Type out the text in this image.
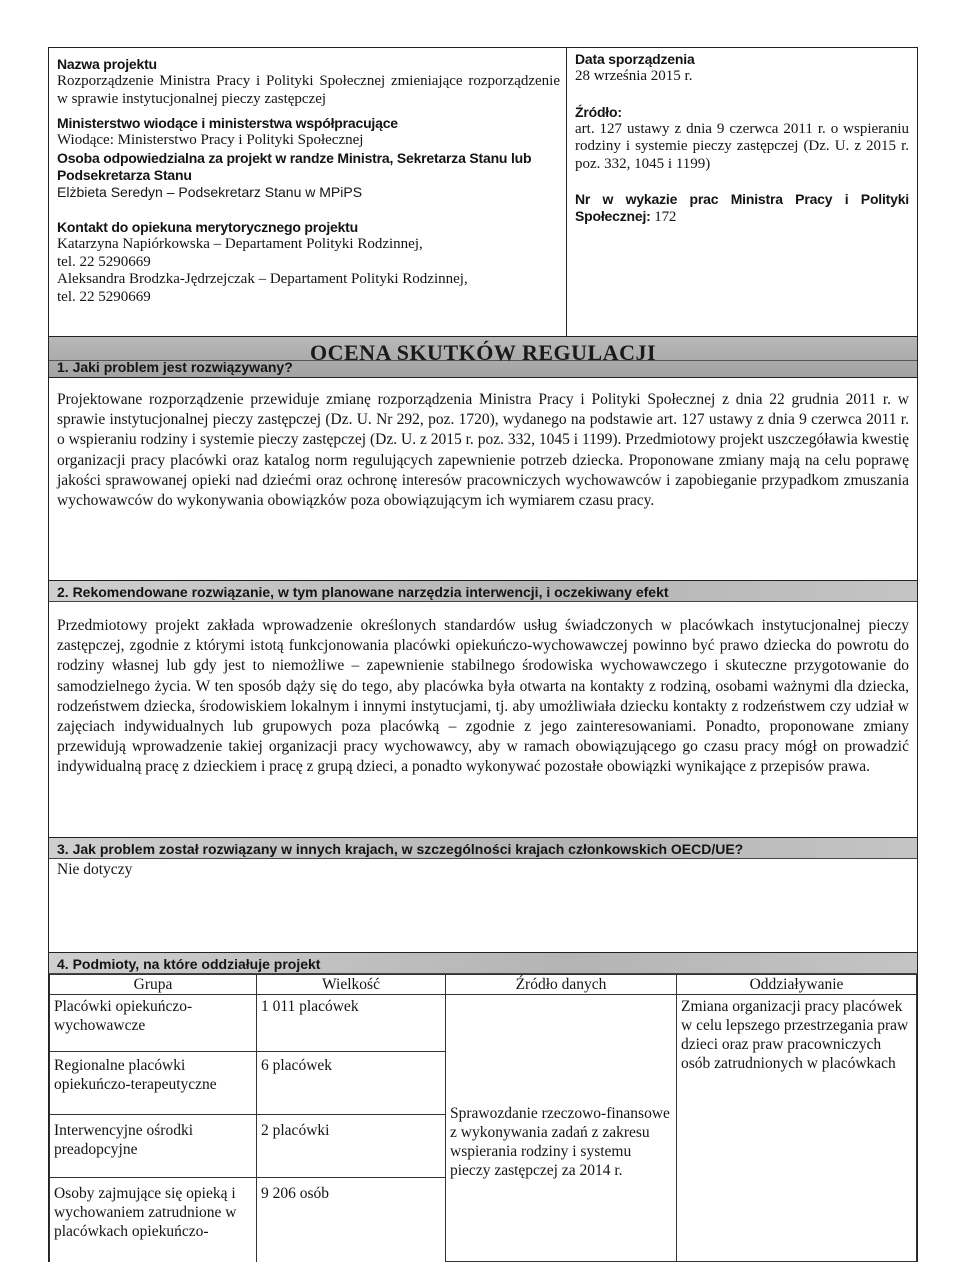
Nazwa projektu
Rozporządzenie Ministra Pracy i Polityki Społecznej zmieniające rozporządzenie w sprawie instytucjonalnej pieczy zastępczej
Ministerstwo wiodące i ministerstwa współpracujące
Wiodące: Ministerstwo Pracy i Polityki Społecznej
Osoba odpowiedzialna za projekt w randze Ministra, Sekretarza Stanu lub Podsekretarza Stanu
Elżbieta Seredyn – Podsekretarz Stanu w MPiPS
Kontakt do opiekuna merytorycznego projektu
Katarzyna Napiórkowska – Departament Polityki Rodzinnej,
tel. 22 5290669
Aleksandra Brodzka-Jędrzejczak – Departament Polityki Rodzinnej,
tel. 22 5290669
Data sporządzenia
28 września 2015 r.
Źródło:
art. 127 ustawy z dnia 9 czerwca 2011 r. o wspieraniu rodziny i systemie pieczy zastępczej (Dz. U. z 2015 r. poz. 332, 1045 i 1199)
Nr w wykazie prac Ministra Pracy i Polityki Społecznej: 172
OCENA SKUTKÓW REGULACJI
1. Jaki problem jest rozwiązywany?
Projektowane rozporządzenie przewiduje zmianę rozporządzenia Ministra Pracy i Polityki Społecznej z dnia 22 grudnia 2011 r. w sprawie instytucjonalnej pieczy zastępczej (Dz. U. Nr 292, poz. 1720), wydanego na podstawie art. 127 ustawy z dnia 9 czerwca 2011 r. o wspieraniu rodziny i systemie pieczy zastępczej (Dz. U. z 2015 r. poz. 332, 1045 i 1199). Przedmiotowy projekt uszczegóławia kwestię organizacji pracy placówki oraz katalog norm regulujących zapewnienie potrzeb dziecka. Proponowane zmiany mają na celu poprawę jakości sprawowanej opieki nad dziećmi oraz ochronę interesów pracowniczych wychowawców i zapobieganie przypadkom zmuszania wychowawców do wykonywania obowiązków poza obowiązującym ich wymiarem czasu pracy.
2. Rekomendowane rozwiązanie, w tym planowane narzędzia interwencji, i oczekiwany efekt
Przedmiotowy projekt zakłada wprowadzenie określonych standardów usług świadczonych w placówkach instytucjonalnej pieczy zastępczej, zgodnie z którymi istotą funkcjonowania placówki opiekuńczo-wychowawczej powinno być prawo dziecka do powrotu do rodziny własnej lub gdy jest to niemożliwe – zapewnienie stabilnego środowiska wychowawczego i skuteczne przygotowanie do samodzielnego życia. W ten sposób dąży się do tego, aby placówka była otwarta na kontakty z rodziną, osobami ważnymi dla dziecka, rodzeństwem dziecka, środowiskiem lokalnym i innymi instytucjami, tj. aby umożliwiała dziecku kontakty z rodzeństwem czy udział w zajęciach indywidualnych lub grupowych poza placówką – zgodnie z jego zainteresowaniami. Ponadto, proponowane zmiany przewidują wprowadzenie takiej organizacji pracy wychowawcy, aby w ramach obowiązującego go czasu pracy mógł on prowadzić indywidualną pracę z dzieckiem i pracę z grupą dzieci, a ponadto wykonywać pozostałe obowiązki wynikające z przepisów prawa.
3. Jak problem został rozwiązany w innych krajach, w szczególności krajach członkowskich OECD/UE?
Nie dotyczy
4. Podmioty, na które oddziałuje projekt
Grupa	Wielkość	Źródło danych	Oddziaływanie
Placówki opiekuńczo-wychowawcze	1 011 placówek	Sprawozdanie rzeczowo-finansowe z wykonywania zadań z zakresu wspierania rodziny i systemu pieczy zastępczej za 2014 r.	Zmiana organizacji pracy placówek w celu lepszego przestrzegania praw dzieci oraz praw pracowniczych osób zatrudnionych w placówkach
Regionalne placówki opiekuńczo-terapeutyczne	6 placówek		
Interwencyjne ośrodki preadopcyjne	2 placówki		
Osoby zajmujące się opieką i wychowaniem zatrudnione w placówkach opiekuńczo-	9 206 osób		
